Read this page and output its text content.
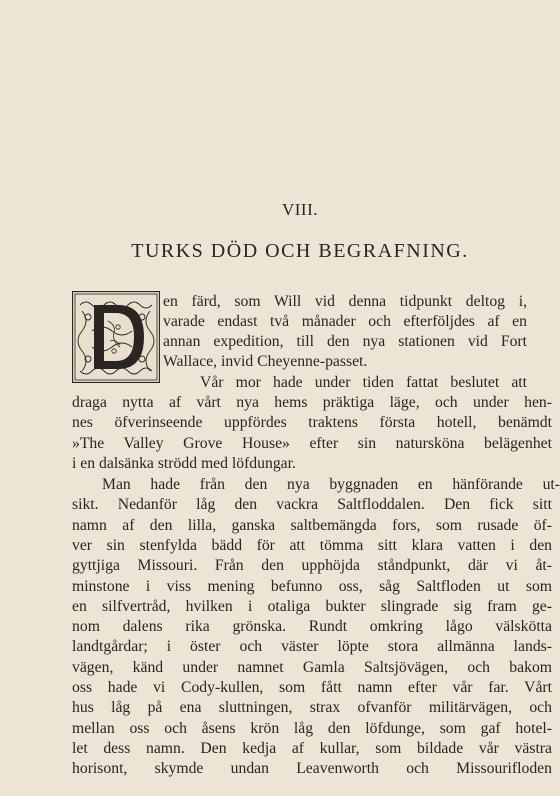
VIII.
TURKS DÖD OCH BEGRAFNING.
en färd, som Will vid denna tidpunkt deltog i,
varade endast två månader och efterföljdes af en
annan expedition, till den nya stationen vid Fort
Wallace, invid Cheyenne-passet.
Vår mor hade under tiden fattat beslutet att
draga nytta af vårt nya hems präktiga läge, och under hen-
nes öfverinseende uppfördes traktens första hotell, benämdt
»The Valley Grove House» efter sin natursköna belägenhet
i en dalsänka strödd med löfdungar.
Man hade från den nya byggnaden en hänförande ut-
sikt. Nedanför låg den vackra Saltfloddalen. Den fick sitt
namn af den lilla, ganska saltbemängda fors, som rusade öf-
ver sin stenfylda bädd för att tömma sitt klara vatten i den
gyttjiga Missouri. Från den upphöjda ståndpunkt, där vi åt-
minstone i viss mening befunno oss, såg Saltfloden ut som
en silfvertråd, hvilken i otaliga bukter slingrade sig fram ge-
nom dalens rika grönska. Rundt omkring lågo välskötta
landtgårdar; i öster och väster löpte stora allmänna lands-
vägen, känd under namnet Gamla Saltsjövägen, och bakom
oss hade vi Cody-kullen, som fått namn efter vår far. Vårt
hus låg på ena sluttningen, strax ofvanför militärvägen, och
mellan oss och åsens krön låg den löfdunge, som gaf hotel-
let dess namn. Den kedja af kullar, som bildade vår västra
horisont, skymde undan Leavenworth och Missourifloden
